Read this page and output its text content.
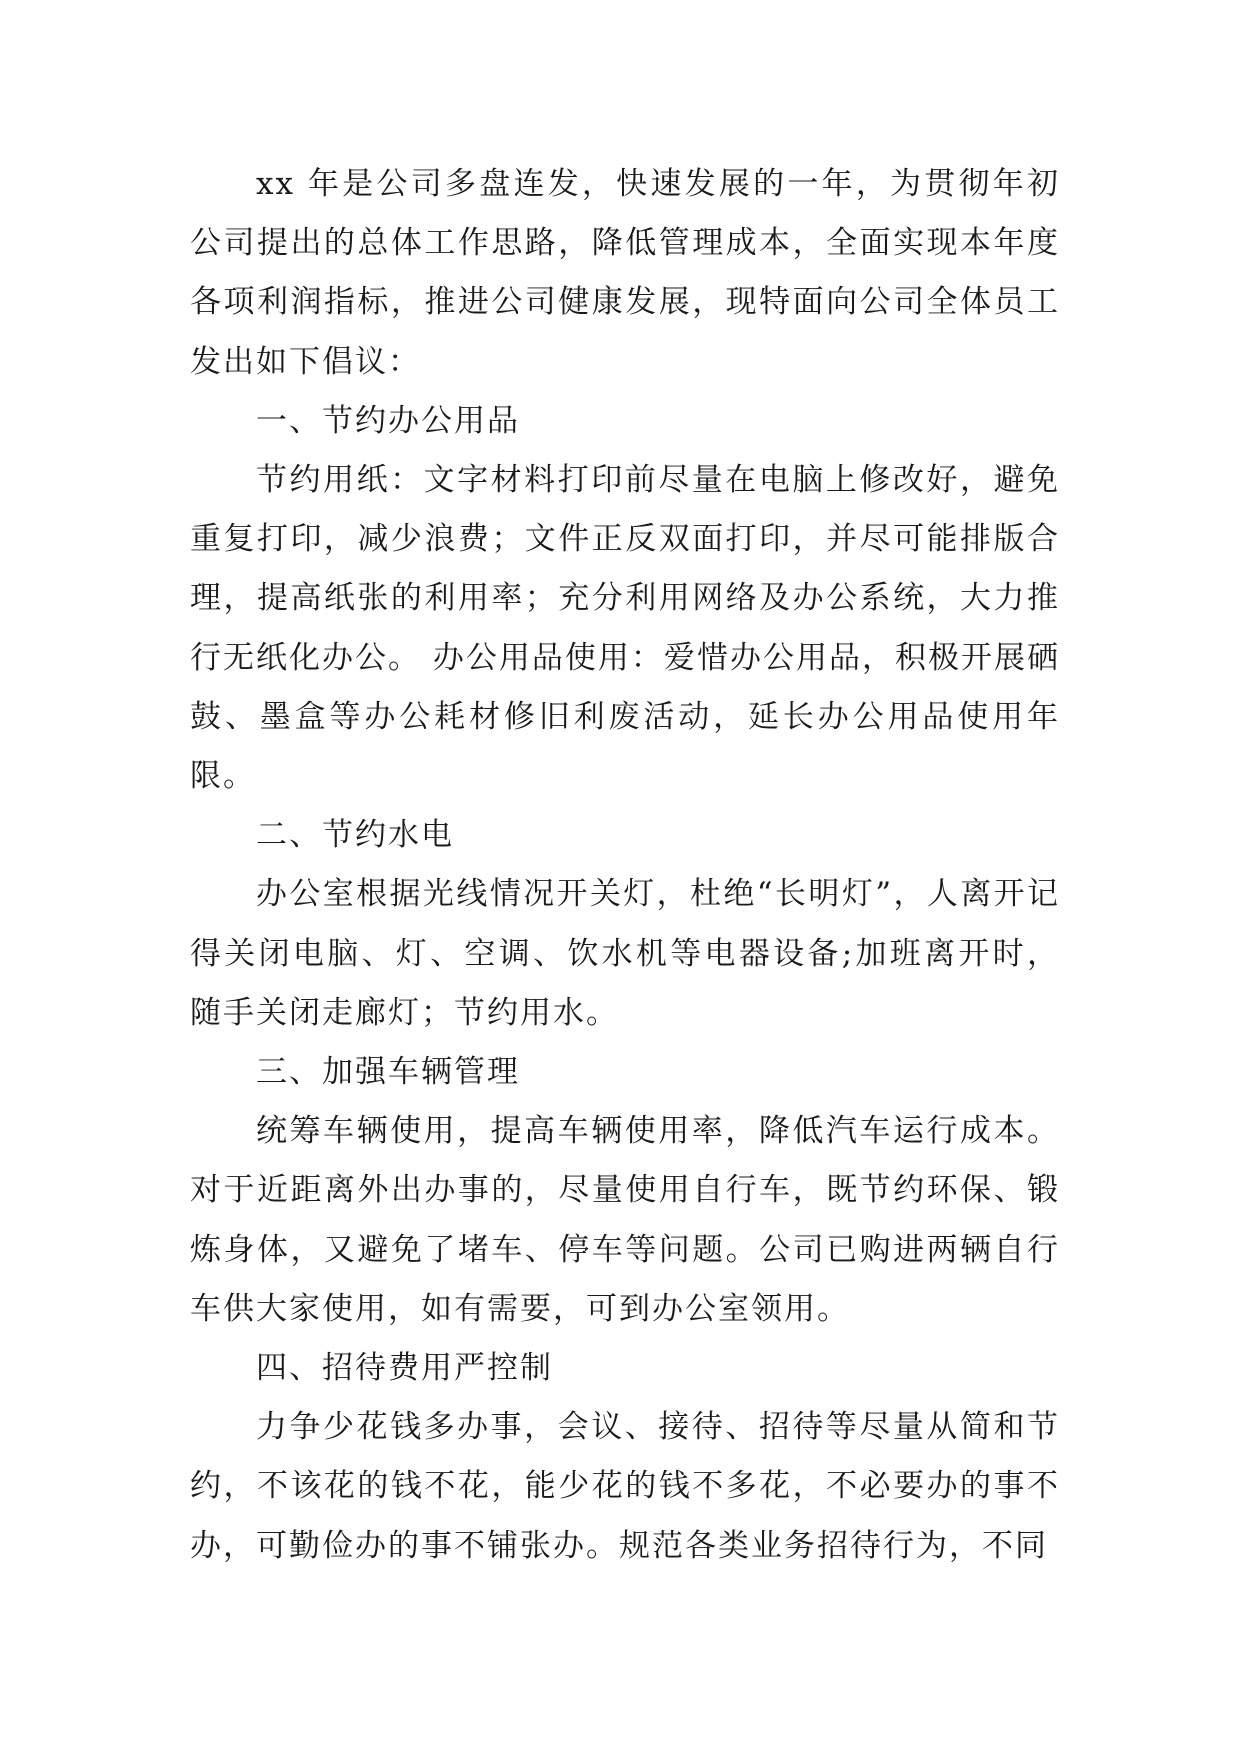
xx 年是公司多盘连发，快速发展的一年，为贯彻年初公司提出的总体工作思路，降低管理成本，全面实现本年度各项利润指标，推进公司健康发展，现特面向公司全体员工发出如下倡议：

一、节约办公用品

节约用纸：文字材料打印前尽量在电脑上修改好，避免重复打印，减少浪费；文件正反双面打印，并尽可能排版合理，提高纸张的利用率；充分利用网络及办公系统，大力推行无纸化办公。 办公用品使用：爱惜办公用品，积极开展硒鼓、墨盒等办公耗材修旧利废活动，延长办公用品使用年限。

二、节约水电

办公室根据光线情况开关灯，杜绝“长明灯”，人离开记得关闭电脑、灯、空调、饮水机等电器设备;加班离开时，随手关闭走廊灯；节约用水。

三、加强车辆管理

统筹车辆使用，提高车辆使用率，降低汽车运行成本。对于近距离外出办事的，尽量使用自行车，既节约环保、锻炼身体，又避免了堵车、停车等问题。公司已购进两辆自行车供大家使用，如有需要，可到办公室领用。

四、招待费用严控制

力争少花钱多办事，会议、接待、招待等尽量从简和节约，不该花的钱不花，能少花的钱不多花，不必要办的事不办，可勤俭办的事不铺张办。规范各类业务招待行为，不同
